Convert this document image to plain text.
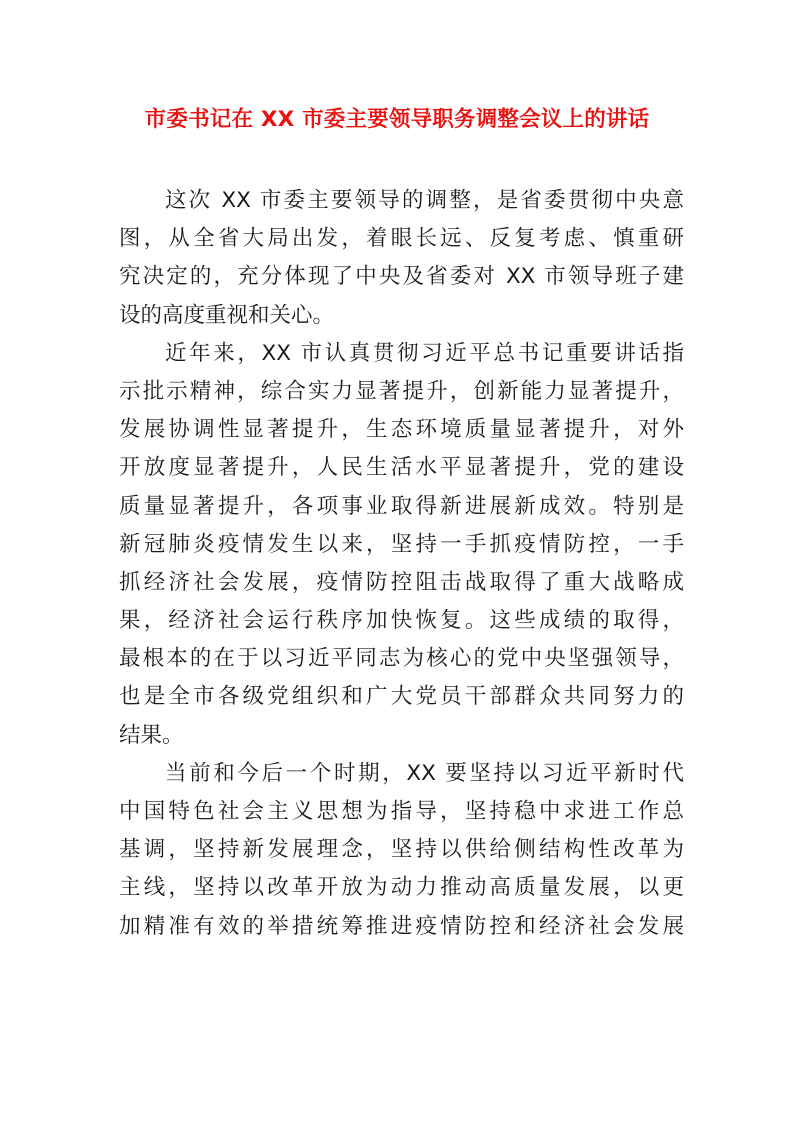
市委书记在 XX 市委主要领导职务调整会议上的讲话
这次 XX 市委主要领导的调整，是省委贯彻中央意
图，从全省大局出发，着眼长远、反复考虑、慎重研
究决定的，充分体现了中央及省委对 XX 市领导班子建
设的高度重视和关心。
近年来，XX 市认真贯彻习近平总书记重要讲话指
示批示精神，综合实力显著提升，创新能力显著提升，
发展协调性显著提升，生态环境质量显著提升，对外
开放度显著提升，人民生活水平显著提升，党的建设
质量显著提升，各项事业取得新进展新成效。特别是
新冠肺炎疫情发生以来，坚持一手抓疫情防控，一手
抓经济社会发展，疫情防控阻击战取得了重大战略成
果，经济社会运行秩序加快恢复。这些成绩的取得，
最根本的在于以习近平同志为核心的党中央坚强领导，
也是全市各级党组织和广大党员干部群众共同努力的
结果。
当前和今后一个时期，XX 要坚持以习近平新时代
中国特色社会主义思想为指导，坚持稳中求进工作总
基调，坚持新发展理念，坚持以供给侧结构性改革为
主线，坚持以改革开放为动力推动高质量发展，以更
加精准有效的举措统筹推进疫情防控和经济社会发展
